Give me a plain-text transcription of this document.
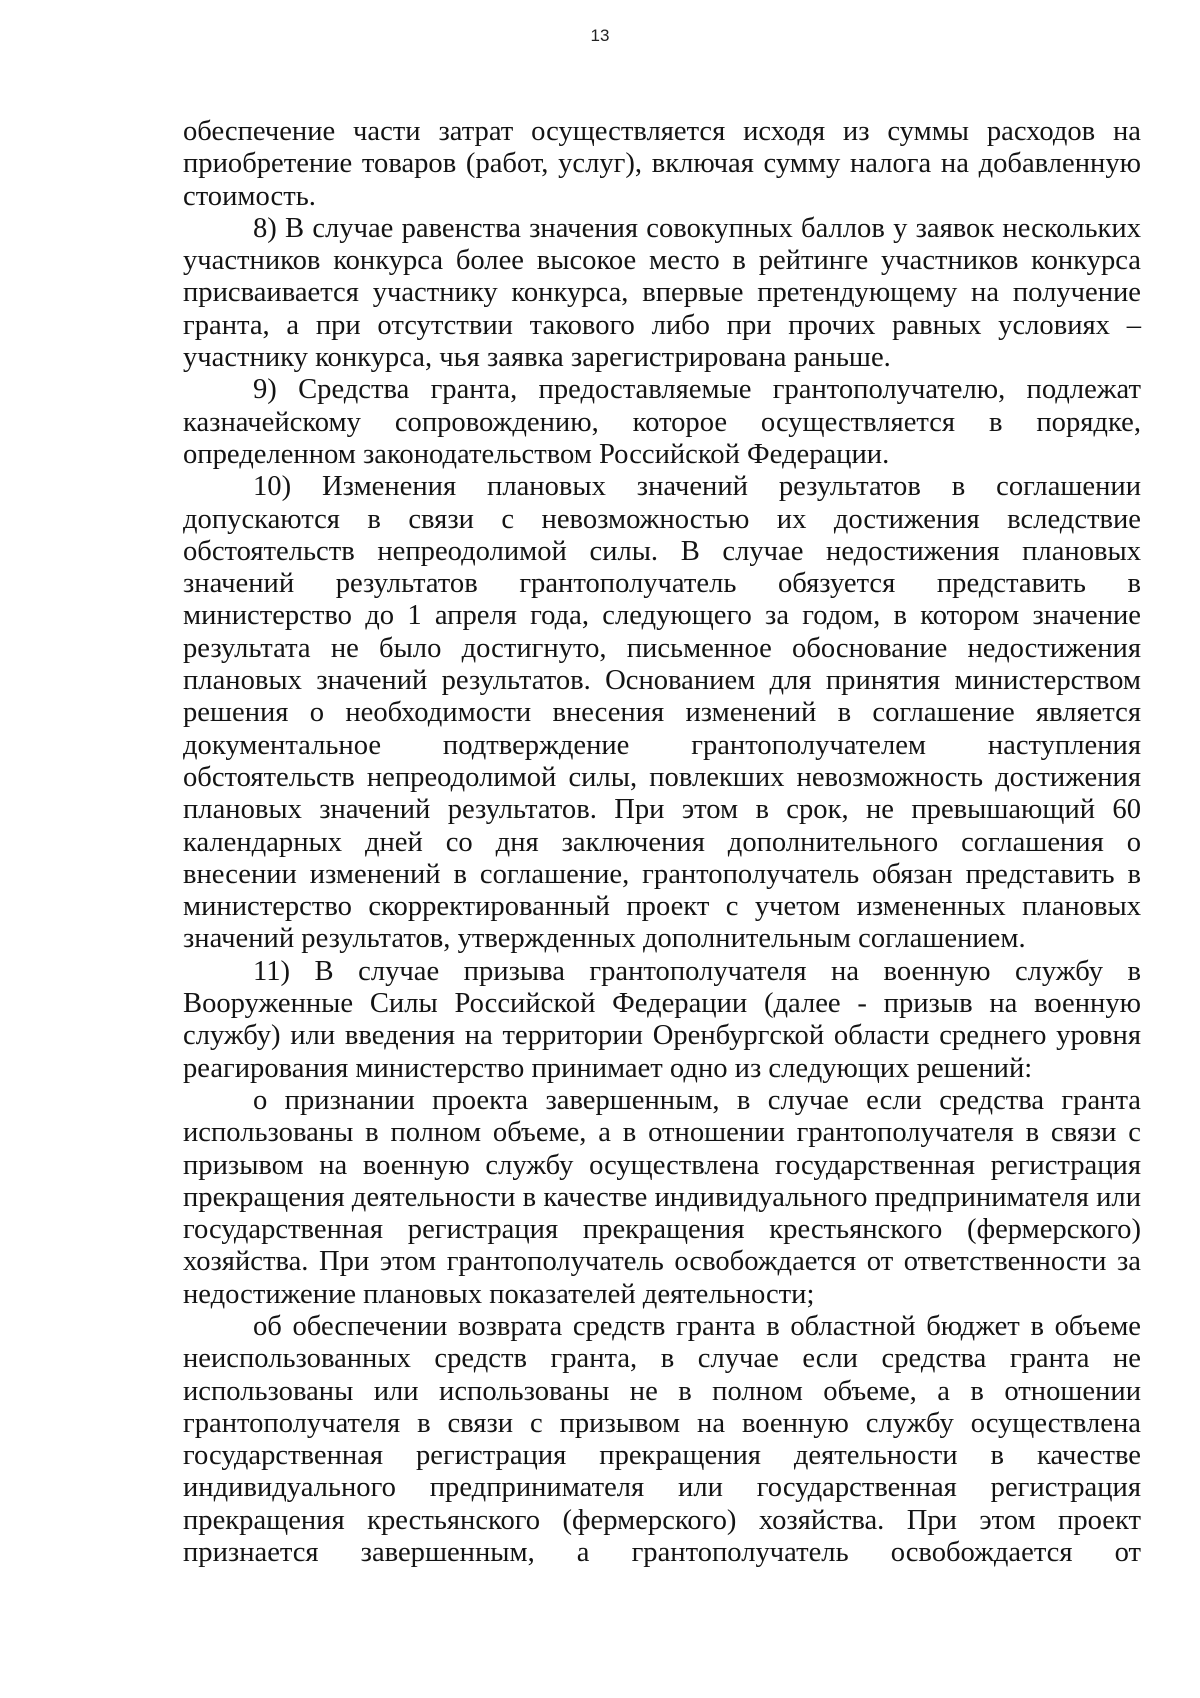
13

обеспечение части затрат осуществляется исходя из суммы расходов на приобретение товаров (работ, услуг), включая сумму налога на добавленную стоимость.

8) В случае равенства значения совокупных баллов у заявок нескольких участников конкурса более высокое место в рейтинге участников конкурса присваивается участнику конкурса, впервые претендующему на получение гранта, а при отсутствии такового либо при прочих равных условиях – участнику конкурса, чья заявка зарегистрирована раньше.

9) Средства гранта, предоставляемые грантополучателю, подлежат казначейскому сопровождению, которое осуществляется в порядке, определенном законодательством Российской Федерации.

10) Изменения плановых значений результатов в соглашении допускаются в связи с невозможностью их достижения вследствие обстоятельств непреодолимой силы. В случае недостижения плановых значений результатов грантополучатель обязуется представить в министерство до 1 апреля года, следующего за годом, в котором значение результата не было достигнуто, письменное обоснование недостижения плановых значений результатов. Основанием для принятия министерством решения о необходимости внесения изменений в соглашение является документальное подтверждение грантополучателем наступления обстоятельств непреодолимой силы, повлекших невозможность достижения плановых значений результатов. При этом в срок, не превышающий 60 календарных дней со дня заключения дополнительного соглашения о внесении изменений в соглашение, грантополучатель обязан представить в министерство скорректированный проект с учетом измененных плановых значений результатов, утвержденных дополнительным соглашением.

11) В случае призыва грантополучателя на военную службу в Вооруженные Силы Российской Федерации (далее - призыв на военную службу) или введения на территории Оренбургской области среднего уровня реагирования министерство принимает одно из следующих решений:

о признании проекта завершенным, в случае если средства гранта использованы в полном объеме, а в отношении грантополучателя в связи с призывом на военную службу осуществлена государственная регистрация прекращения деятельности в качестве индивидуального предпринимателя или государственная регистрация прекращения крестьянского (фермерского) хозяйства. При этом грантополучатель освобождается от ответственности за недостижение плановых показателей деятельности;

об обеспечении возврата средств гранта в областной бюджет в объеме неиспользованных средств гранта, в случае если средства гранта не использованы или использованы не в полном объеме, а в отношении грантополучателя в связи с призывом на военную службу осуществлена государственная регистрация прекращения деятельности в качестве индивидуального предпринимателя или государственная регистрация прекращения крестьянского (фермерского) хозяйства. При этом проект признается завершенным, а грантополучатель освобождается от
